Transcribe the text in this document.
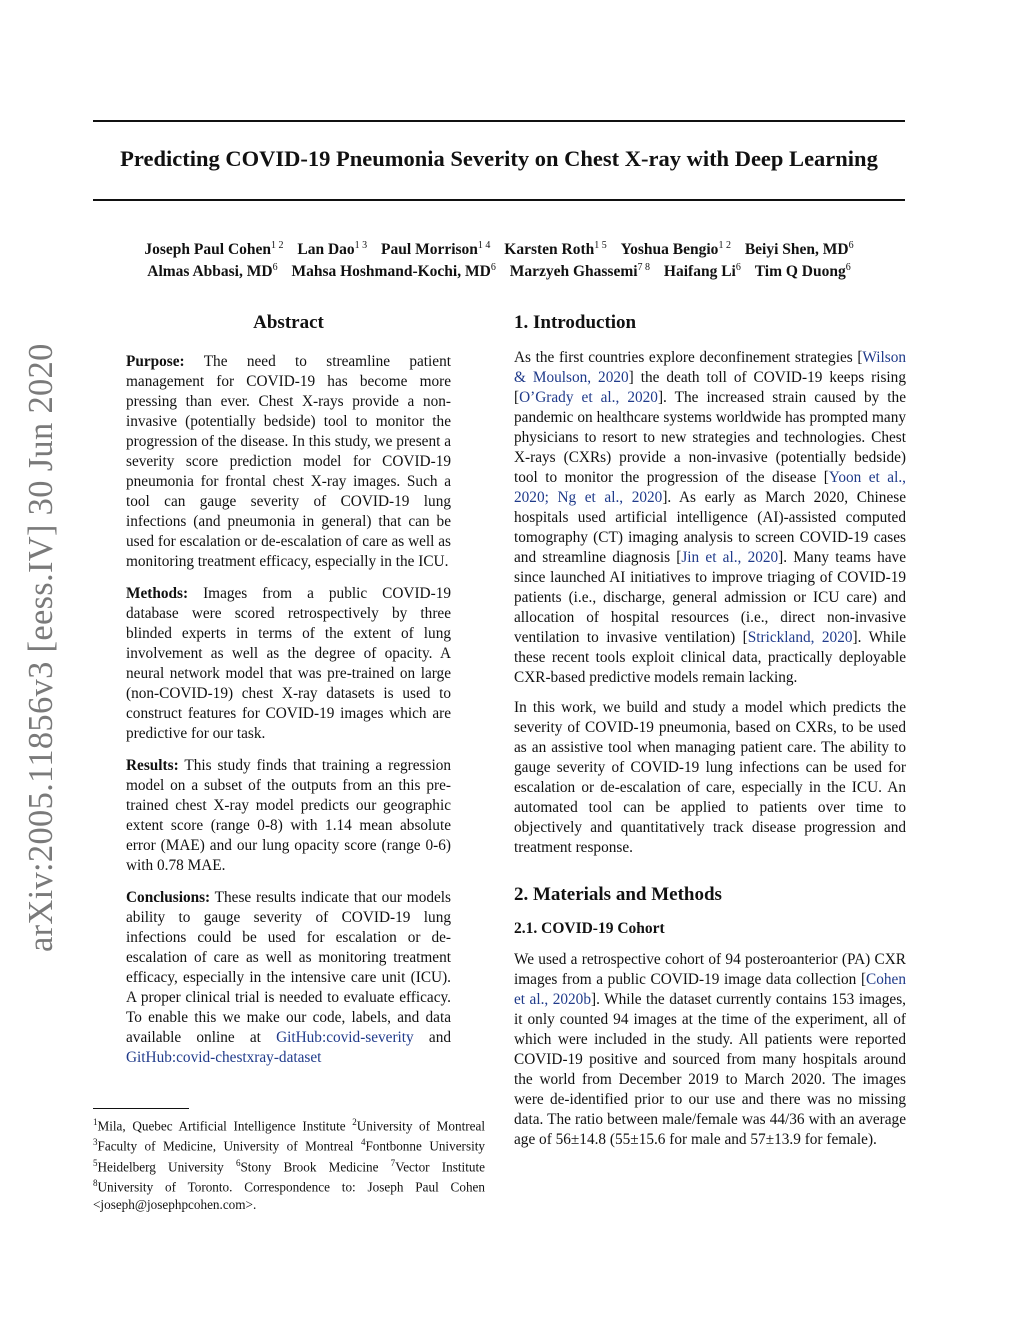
Predicting COVID-19 Pneumonia Severity on Chest X-ray with Deep Learning
Joseph Paul Cohen$^{1 2}$ Lan Dao$^{1 3}$ Paul Morrison$^{1 4}$ Karsten Roth$^{1 5}$ Yoshua Bengio$^{1 2}$ Beiyi Shen, $MD^6$
Almas Abbasi, $MD^6$ Mahsa Hoshmand-Kochi, $MD^6$ Marzyeh Ghassemi$^{7 8}$ Haifang Li$^6$ Tim Q Duong$^6$
arXiv:2005.11856v3 [eess.IV] 30 Jun 2020
Abstract

Purpose: The need to streamline patient management for COVID-19 has become more pressing than ever. Chest X-rays provide a non-invasive (potentially bedside) tool to monitor the progression of the disease. In this study, we present a severity score prediction model for COVID-19 pneumonia for frontal chest X-ray images. Such a tool can gauge severity of COVID-19 lung infections (and pneumonia in general) that can be used for escalation or de-escalation of care as well as monitoring treatment efficacy, especially in the ICU.

Methods: Images from a public COVID-19 database were scored retrospectively by three blinded experts in terms of the extent of lung involvement as well as the degree of opacity. A neural network model that was pre-trained on large (non-COVID-19) chest X-ray datasets is used to construct features for COVID-19 images which are predictive for our task.

Results: This study finds that training a regression model on a subset of the outputs from an this pre-trained chest X-ray model predicts our geographic extent score (range 0-8) with 1.14 mean absolute error (MAE) and our lung opacity score (range 0-6) with 0.78 MAE.

Conclusions: These results indicate that our models ability to gauge severity of COVID-19 lung infections could be used for escalation or de-escalation of care as well as monitoring treatment efficacy, especially in the intensive care unit (ICU). A proper clinical trial is needed to evaluate efficacy. To enable this we make our code, labels, and data available online at GitHub:covid-severity and GitHub:covid-chestxray-dataset

$^1$Mila, Quebec Artificial Intelligence Institute $^2$University of Montreal $^3$Faculty of Medicine, University of Montreal $^4$Fontbonne University $^5$Heidelberg University $^6$Stony Brook Medicine $^7$Vector Institute $^8$University of Toronto. Correspondence to: Joseph Paul Cohen <joseph@josephpcohen.com>.
1. Introduction

As the first countries explore deconfinement strategies [Wilson & Moulson, 2020] the death toll of COVID-19 keeps rising [O’Grady et al., 2020]. The increased strain caused by the pandemic on healthcare systems worldwide has prompted many physicians to resort to new strategies and technologies. Chest X-rays (CXRs) provide a non-invasive (potentially bedside) tool to monitor the progression of the disease [Yoon et al., 2020; Ng et al., 2020]. As early as March 2020, Chinese hospitals used artificial intelligence (AI)-assisted computed tomography (CT) imaging analysis to screen COVID-19 cases and streamline diagnosis [Jin et al., 2020]. Many teams have since launched AI initiatives to improve triaging of COVID-19 patients (i.e., discharge, general admission or ICU care) and allocation of hospital resources (i.e., direct non-invasive ventilation to invasive ventilation) [Strickland, 2020]. While these recent tools exploit clinical data, practically deployable CXR-based predictive models remain lacking.

In this work, we build and study a model which predicts the severity of COVID-19 pneumonia, based on CXRs, to be used as an assistive tool when managing patient care. The ability to gauge severity of COVID-19 lung infections can be used for escalation or de-escalation of care, especially in the ICU. An automated tool can be applied to patients over time to objectively and quantitatively track disease progression and treatment response.

2. Materials and Methods
2.1. COVID-19 Cohort

We used a retrospective cohort of 94 posteroanterior (PA) CXR images from a public COVID-19 image data collection [Cohen et al., 2020b]. While the dataset currently contains 153 images, it only counted 94 images at the time of the experiment, all of which were included in the study. All patients were reported COVID-19 positive and sourced from many hospitals around the world from December 2019 to March 2020. The images were de-identified prior to our use and there was no missing data. The ratio between male/female was 44/36 with an average age of 56±14.8 (55±15.6 for male and 57±13.9 for female).
